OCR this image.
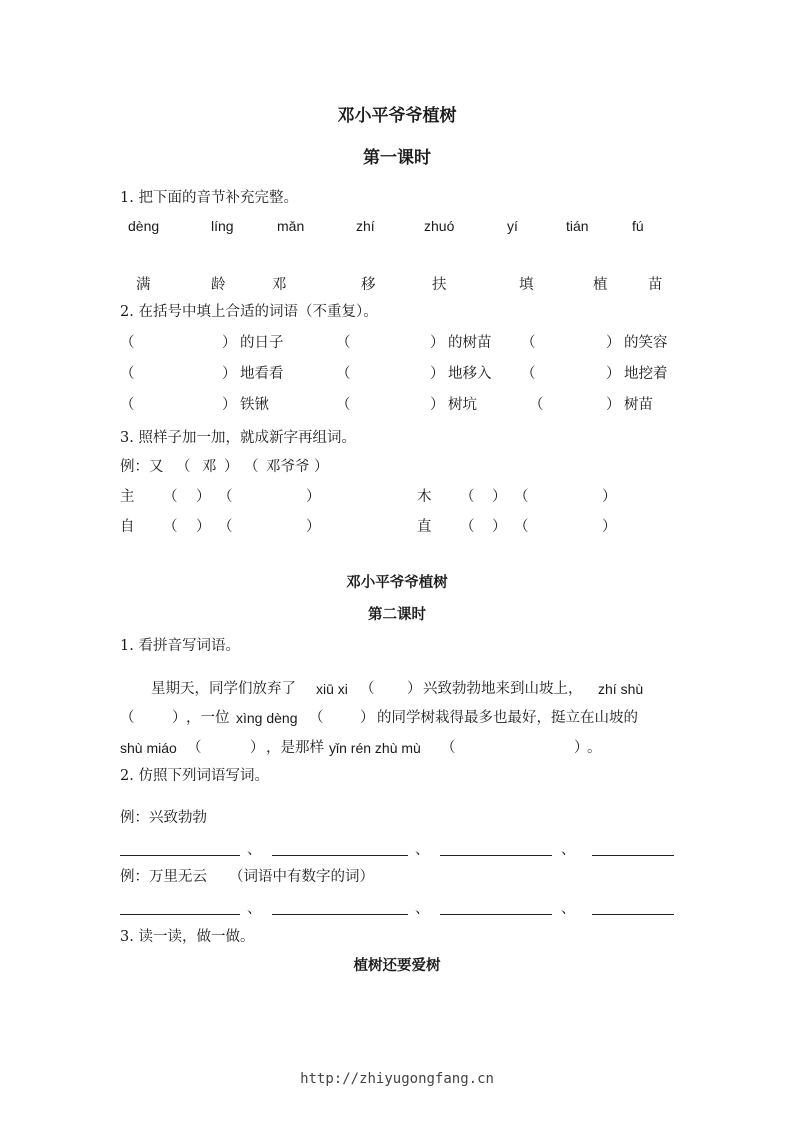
邓小平爷爷植树
第一课时
1. 把下面的音节补充完整。
dèng	líng	mǎn	zhí	zhuó	yí	tián	fú
满	龄	邓	移	扶	填	植	苗
2. 在括号中填上合适的词语（不重复）。
（	） 的日子	（	） 的树苗 （	） 的笑容
（	） 地看看	（	） 地移入 （	） 地挖着
（	） 铁锹	（	） 树坑	（	） 树苗
3. 照样子加一加，就成新字再组词。
例：又 （ 邓 ） （ 邓爷爷 ）
主 （ ） （	）	木 （ ） （	）
自 （ ） （	）	直 （ ） （	）
邓小平爷爷植树
第二课时
1. 看拼音写词语。
星期天，同学们放弃了 xiū xi （ ） 兴致勃勃地来到山坡上， zhí shù
（	） ，一位 xìng dèng （	） 的同学树栽得最多也最好，挺立在山坡的
shù miáo （	） ，是那样 yǐn rén zhù mù （	）
。
2. 仿照下列词语写词。
例：兴致勃勃
、	、	、
例：万里无云 （词语中有数字的词）
、	、	、
3. 读一读，做一做。
植树还要爱树
http://zhiyugongfang.cn
